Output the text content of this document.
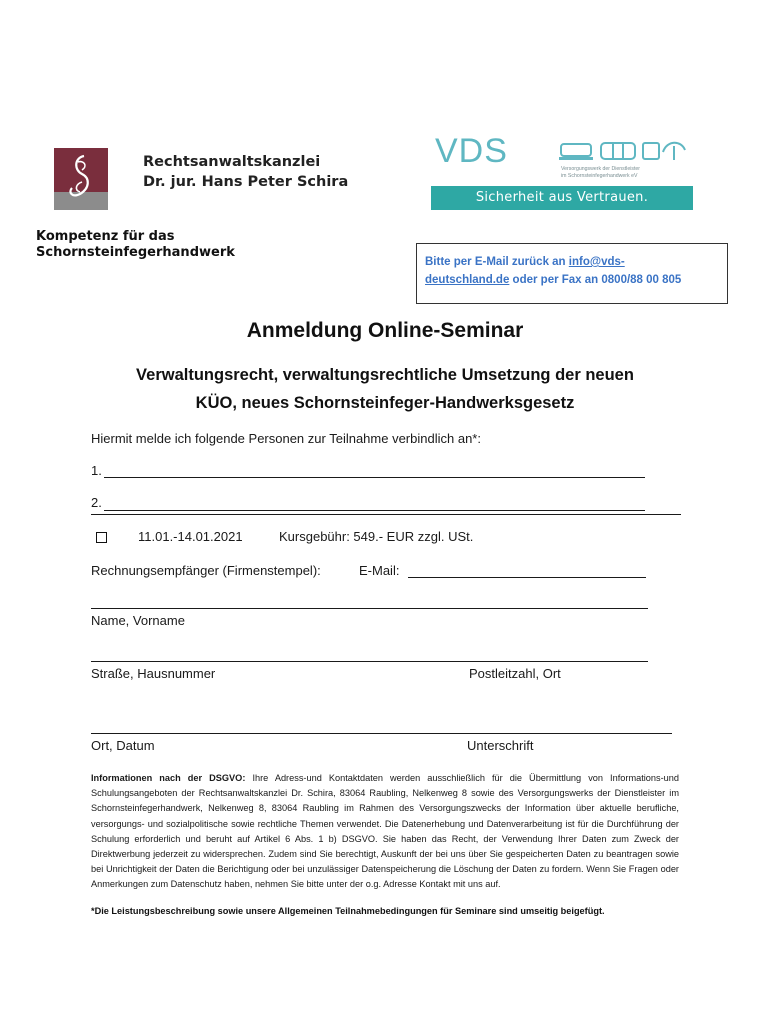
Rechtsanwaltskanzlei
Dr. jur. Hans Peter Schira
Kompetenz für das
Schornsteinfegerhandwerk
VDS	Versorgungswerk der Dienstleister
im Schornsteinfegerhandwerk eV
Sicherheit aus Vertrauen.
Bitte per E-Mail zurück an info@vds-
deutschland.de oder per Fax an 0800/88 00 805
Anmeldung Online-Seminar
Verwaltungsrecht, verwaltungsrechtliche Umsetzung der neuen
KÜO, neues Schornsteinfeger-Handwerksgesetz
Hiermit melde ich folgende Personen zur Teilnahme verbindlich an*:
1.
2.
11.01.-14.01.2021	Kursgebühr: 549.- EUR zzgl. USt.
Rechnungsempfänger (Firmenstempel):	E-Mail:
Name, Vorname
Straße, Hausnummer	Postleitzahl, Ort
Ort, Datum	Unterschrift
Informationen nach der DSGVO: Ihre Adress-und Kontaktdaten werden ausschließlich für die Übermittlung von Informations-und Schulungsangeboten der Rechtsanwaltskanzlei Dr. Schira, 83064 Raubling, Nelkenweg 8 sowie des Versorgungswerks der Dienstleister im Schornsteinfegerhandwerk, Nelkenweg 8, 83064 Raubling im Rahmen des Versorgungszwecks der Information über aktuelle berufliche, versorgungs- und sozialpolitische sowie rechtliche Themen verwendet. Die Datenerhebung und Datenverarbeitung ist für die Durchführung der Schulung erforderlich und beruht auf Artikel 6 Abs. 1 b) DSGVO. Sie haben das Recht, der Verwendung Ihrer Daten zum Zweck der Direktwerbung jederzeit zu widersprechen. Zudem sind Sie berechtigt, Auskunft der bei uns über Sie gespeicherten Daten zu beantragen sowie bei Unrichtigkeit der Daten die Berichtigung oder bei unzulässiger Datenspeicherung die Löschung der Daten zu fordern. Wenn Sie Fragen oder Anmerkungen zum Datenschutz haben, nehmen Sie bitte unter der o.g. Adresse Kontakt mit uns auf.
*Die Leistungsbeschreibung sowie unsere Allgemeinen Teilnahmebedingungen für Seminare sind umseitig beigefügt.
